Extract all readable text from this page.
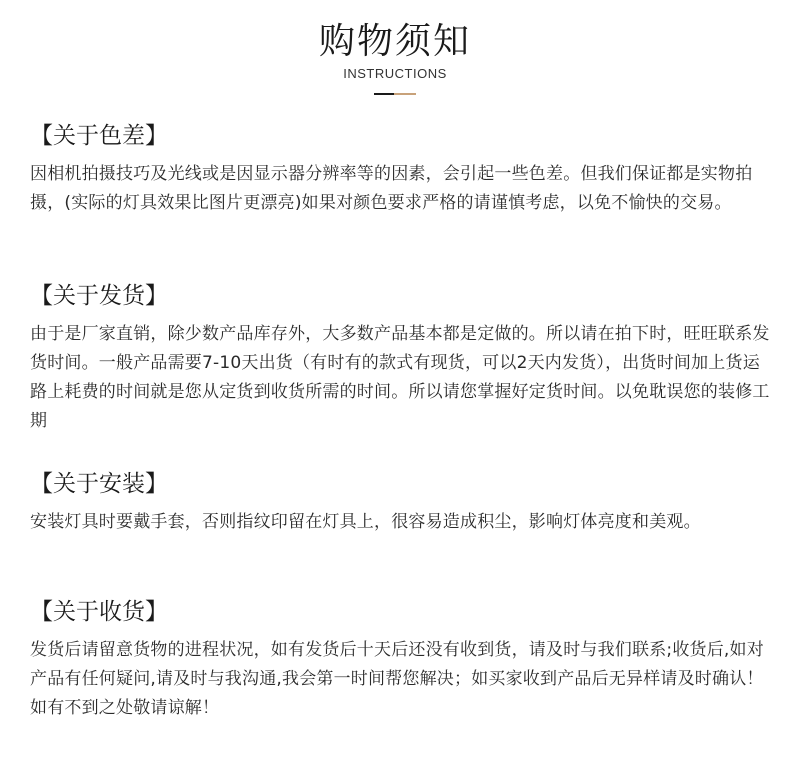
购物须知
INSTRUCTIONS
【关于色差】

因相机拍摄技巧及光线或是因显示器分辨率等的因素，会引起一些色差。但我们保证都是实物拍摄，(实际的灯具效果比图片更漂亮)如果对颜色要求严格的请谨慎考虑，以免不愉快的交易。

【关于发货】

由于是厂家直销，除少数产品库存外，大多数产品基本都是定做的。所以请在拍下时，旺旺联系发货时间。一般产品需要7-10天出货（有时有的款式有现货，可以2天内发货），出货时间加上货运路上耗费的时间就是您从定货到收货所需的时间。所以请您掌握好定货时间。以免耽误您的装修工期

【关于安装】

安装灯具时要戴手套，否则指纹印留在灯具上，很容易造成积尘，影响灯体亮度和美观。

【关于收货】

发货后请留意货物的进程状况，如有发货后十天后还没有收到货，请及时与我们联系;收货后,如对产品有任何疑问,请及时与我沟通,我会第一时间帮您解决；如买家收到产品后无异样请及时确认！如有不到之处敬请谅解！
